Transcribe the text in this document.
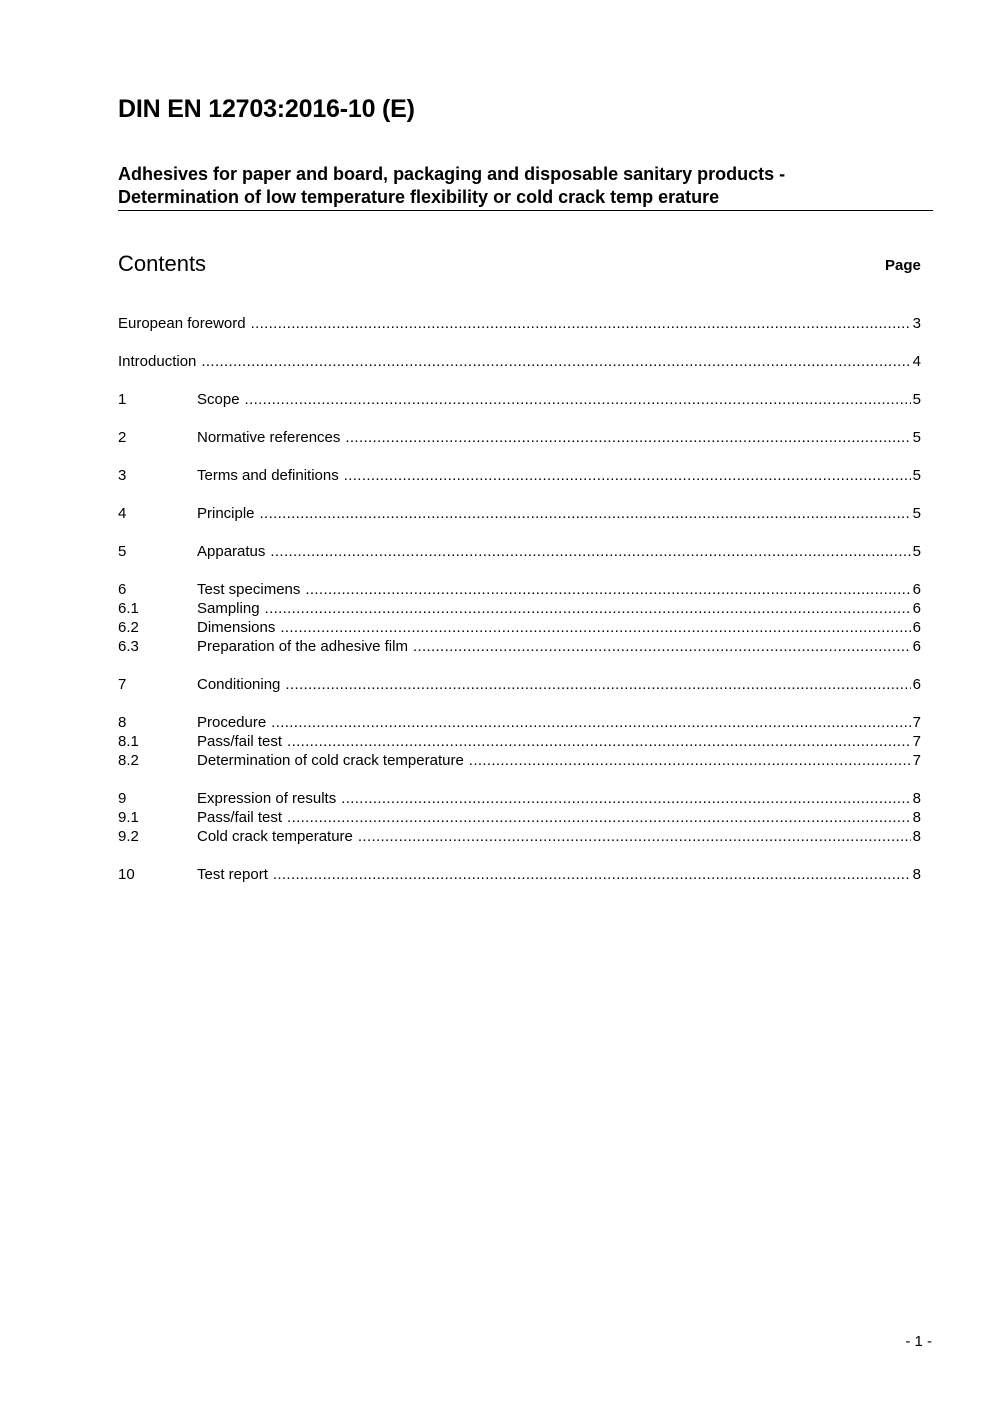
DIN EN 12703:2016-10 (E)
Adhesives for paper and board, packaging and disposable sanitary products -
Determination of low temperature flexibility or cold crack temp erature
Contents	Page
European foreword .....	3
Introduction .....	4
1	Scope .....	5
2	Normative references .....	5
3	Terms and definitions .....	5
4	Principle .....	5
5	Apparatus .....	5
6	Test specimens .....	6
6.1	Sampling .....	6
6.2	Dimensions .....	6
6.3	Preparation of the adhesive film .....	6
7	Conditioning .....	6
8	Procedure .....	7
8.1	Pass/fail test .....	7
8.2	Determination of cold crack temperature .....	7
9	Expression of results .....	8
9.1	Pass/fail test .....	8
9.2	Cold crack temperature .....	8
10	Test report .....	8
- 1 -
